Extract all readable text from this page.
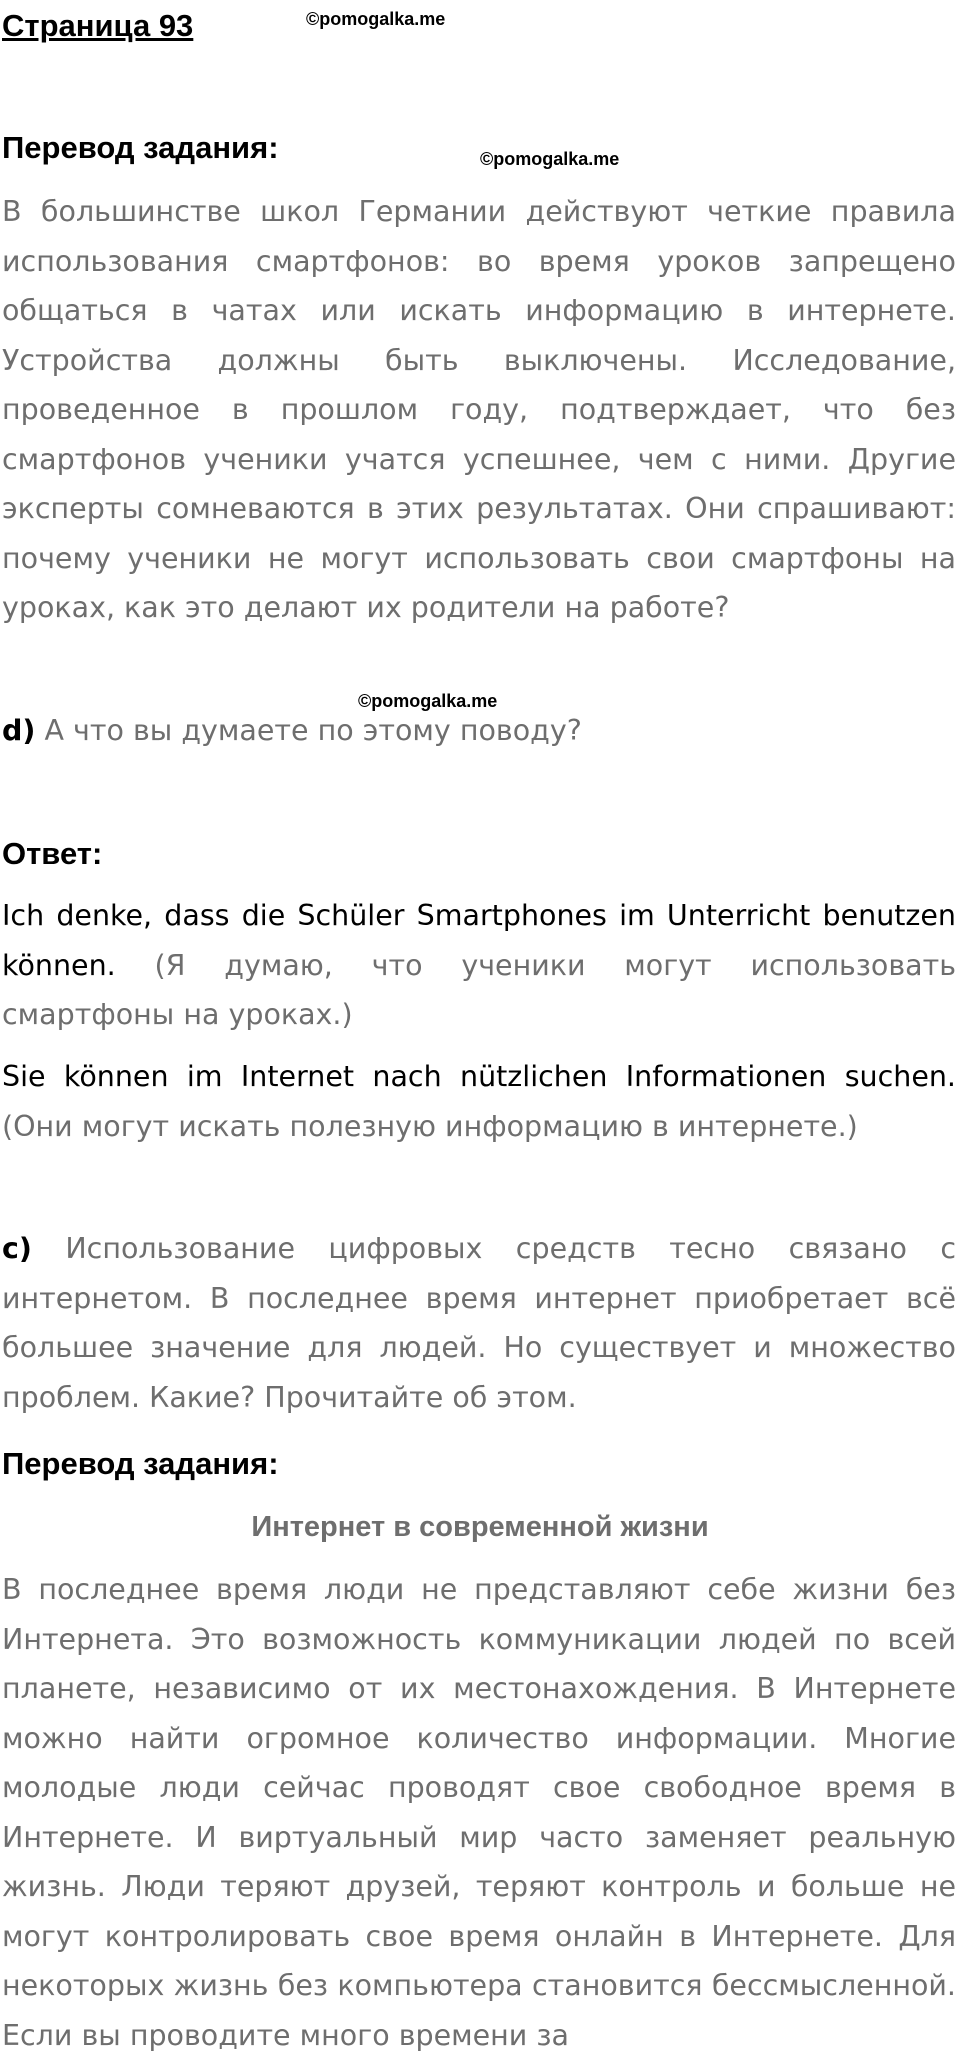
Страница 93	©pomogalka.me
Перевод задания:	©pomogalka.me

В большинстве школ Германии действуют четкие правила использования смартфонов: во время уроков запрещено общаться в чатах или искать информацию в интернете. Устройства должны быть выключены. Исследование, проведенное в прошлом году, подтверждает, что без смартфонов ученики учатся успешнее, чем с ними. Другие эксперты сомневаются в этих результатах. Они спрашивают: почему ученики не могут использовать свои смартфоны на уроках, как это делают их родители на работе?

©pomogalka.me

d) А что вы думаете по этому поводу?

Ответ:

Ich denke, dass die Schüler Smartphones im Unterricht benutzen können. (Я думаю, что ученики могут использовать смартфоны на уроках.)

Sie können im Internet nach nützlichen Informationen suchen. (Они могут искать полезную информацию в интернете.)

c) Использование цифровых средств тесно связано с интернетом. В последнее время интернет приобретает всё большее значение для людей. Но существует и множество проблем. Какие? Прочитайте об этом.

Перевод задания:
Интернет в современной жизни

В последнее время люди не представляют себе жизни без Интернета. Это возможность коммуникации людей по всей планете, независимо от их местонахождения. В Интернете можно найти огромное количество информации. Многие молодые люди сейчас проводят свое свободное время в Интернете. И виртуальный мир часто заменяет реальную жизнь. Люди теряют друзей, теряют контроль и больше не могут контролировать свое время онлайн в Интернете. Для некоторых жизнь без компьютера становится бессмысленной. Если вы проводите много времени за
